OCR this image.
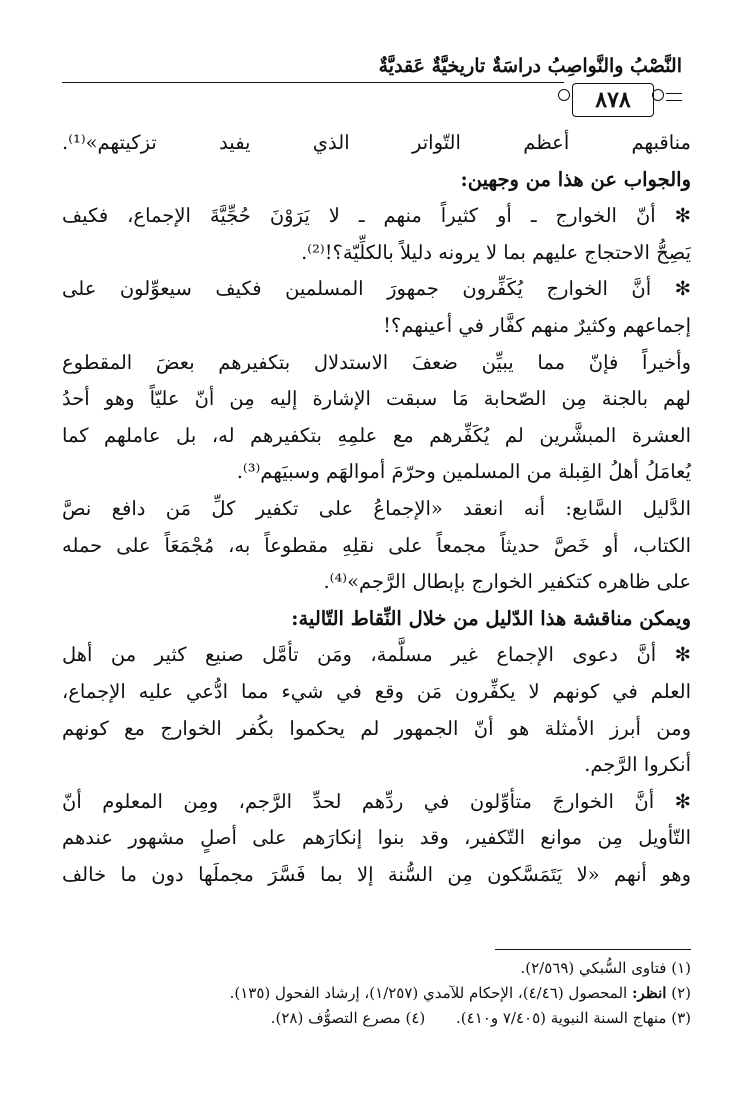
النَّصْبُ والنَّواصِبُ دراسَةٌ تاريخيَّةٌ عَقديَّةٌ
٨٧٨
مناقبهم أعظم التّواتر الذي يفيد تزكيتهم»⁽¹⁾.
والجواب عن هذا من وجهين:
✻ أنّ الخوارج ـ أو كثيراً منهم ـ لا يَرَوْنَ حُجِّيَّةَ الإجماع، فكيف
يَصِحُّ الاحتجاج عليهم بما لا يرونه دليلاً بالكلِّيّة؟!⁽²⁾.
✻ أنَّ الخوارج يُكَفِّرون جمهورَ المسلمين فكيف سيعوِّلون على
إجماعهم وكثيرٌ منهم كفَّار في أعينهم؟!
وأخيراً فإنّ مما يبيِّن ضعفَ الاستدلال بتكفيرهم بعضَ المقطوع
لهم بالجنة مِن الصّحابة مَا سبقت الإشارة إليه مِن أنّ عليّاً وهو أحدُ
العشرة المبشَّرين لم يُكَفِّرهم مع علمِهِ بتكفيرهم له، بل عاملهم كما
يُعامَلُ أهلُ القِبلة من المسلمين وحرّمَ أموالهَم وسبيَهم⁽³⁾.
الدَّليل السَّابع: أنه انعقد «الإجماعُ على تكفير كلِّ مَن دافع نصَّ
الكتاب، أو خَصَّ حديثاً مجمعاً على نقلِهِ مقطوعاً به، مُجْمَعَاً على حمله
على ظاهره كتكفير الخوارج بإبطال الرَّجم»⁽⁴⁾.
ويمكن مناقشة هذا الدّليل من خلال النِّقاط التّالية:
✻ أنَّ دعوى الإجماع غير مسلَّمة، ومَن تأمَّل صنيع كثير من أهل
العلم في كونهم لا يكفِّرون مَن وقع في شيء مما ادُّعي عليه الإجماع،
ومن أبرز الأمثلة هو أنّ الجمهور لم يحكموا بكُفر الخوارج مع كونهم
أنكروا الرَّجم.
✻ أنَّ الخوارجَ متأوِّلون في ردِّهم لحدِّ الرَّجم، ومِن المعلوم أنّ
التّأويل مِن موانع التّكفير، وقد بنوا إنكارَهم على أصلٍ مشهور عندهم
وهو أنهم «لا يَتَمَسَّكون مِن السُّنة إلا بما فَسَّرَ مجملَها دون ما خالف
(١) فتاوى السُّبكي (٢/٥٦٩).
(٢) انظر: المحصول (٤/٤٦)، الإحكام للآمدي (١/٢٥٧)، إرشاد الفحول (١٣٥).
(٣) منهاج السنة النبوية (٧/٤٠٥ و٤١٠). (٤) مصرع التصوُّف (٢٨).
